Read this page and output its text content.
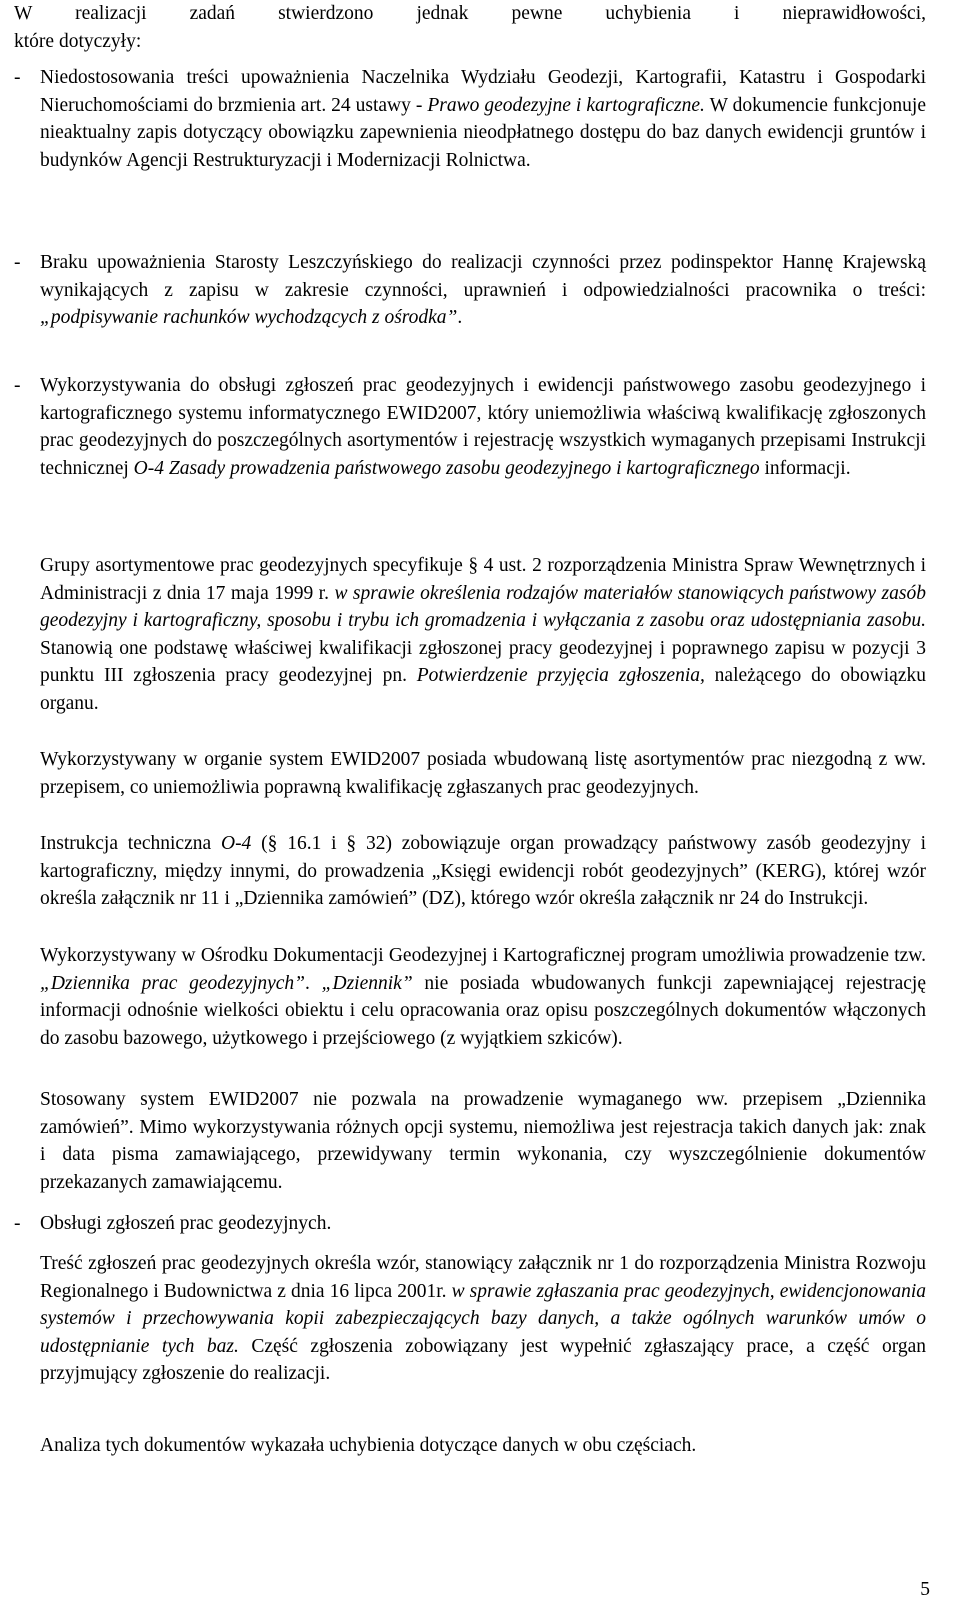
W realizacji zadań stwierdzono jednak pewne uchybienia i nieprawidłowości,
które dotyczyły:
- Niedostosowania treści upoważnienia Naczelnika Wydziału Geodezji, Kartografii, Katastru i Gospodarki Nieruchomościami do brzmienia art. 24 ustawy - Prawo geodezyjne i kartograficzne. W dokumencie funkcjonuje nieaktualny zapis dotyczący obowiązku zapewnienia nieodpłatnego dostępu do baz danych ewidencji gruntów i budynków Agencji Restrukturyzacji i Modernizacji Rolnictwa.
- Braku upoważnienia Starosty Leszczyńskiego do realizacji czynności przez podinspektor Hannę Krajewską wynikających z zapisu w zakresie czynności, uprawnień i odpowiedzialności pracownika o treści: „podpisywanie rachunków wychodzących z ośrodka”.
- Wykorzystywania do obsługi zgłoszeń prac geodezyjnych i ewidencji państwowego zasobu geodezyjnego i kartograficznego systemu informatycznego EWID2007, który uniemożliwia właściwą kwalifikację zgłoszonych prac geodezyjnych do poszczególnych asortymentów i rejestrację wszystkich wymaganych przepisami Instrukcji technicznej O-4 Zasady prowadzenia państwowego zasobu geodezyjnego i kartograficznego informacji.
Grupy asortymentowe prac geodezyjnych specyfikuje § 4 ust. 2 rozporządzenia Ministra Spraw Wewnętrznych i Administracji z dnia 17 maja 1999 r. w sprawie określenia rodzajów materiałów stanowiących państwowy zasób geodezyjny i kartograficzny, sposobu i trybu ich gromadzenia i wyłączania z zasobu oraz udostępniania zasobu. Stanowią one podstawę właściwej kwalifikacji zgłoszonej pracy geodezyjnej i poprawnego zapisu w pozycji 3 punktu III zgłoszenia pracy geodezyjnej pn. Potwierdzenie przyjęcia zgłoszenia, należącego do obowiązku organu.
Wykorzystywany w organie system EWID2007 posiada wbudowaną listę asortymentów prac niezgodną z ww. przepisem, co uniemożliwia poprawną kwalifikację zgłaszanych prac geodezyjnych.
Instrukcja techniczna O-4 (§ 16.1 i § 32) zobowiązuje organ prowadzący państwowy zasób geodezyjny i kartograficzny, między innymi, do prowadzenia „Księgi ewidencji robót geodezyjnych” (KERG), której wzór określa załącznik nr 11 i „Dziennika zamówień” (DZ), którego wzór określa załącznik nr 24 do Instrukcji.
Wykorzystywany w Ośrodku Dokumentacji Geodezyjnej i Kartograficznej program umożliwia prowadzenie tzw. „Dziennika prac geodezyjnych”. „Dziennik” nie posiada wbudowanych funkcji zapewniającej rejestrację informacji odnośnie wielkości obiektu i celu opracowania oraz opisu poszczególnych dokumentów włączonych do zasobu bazowego, użytkowego i przejściowego (z wyjątkiem szkiców).
Stosowany system EWID2007 nie pozwala na prowadzenie wymaganego ww. przepisem „Dziennika zamówień”. Mimo wykorzystywania różnych opcji systemu, niemożliwa jest rejestracja takich danych jak: znak i data pisma zamawiającego, przewidywany termin wykonania, czy wyszczególnienie dokumentów przekazanych zamawiającemu.
- Obsługi zgłoszeń prac geodezyjnych.
Treść zgłoszeń prac geodezyjnych określa wzór, stanowiący załącznik nr 1 do rozporządzenia Ministra Rozwoju Regionalnego i Budownictwa z dnia 16 lipca 2001r. w sprawie zgłaszania prac geodezyjnych, ewidencjonowania systemów i przechowywania kopii zabezpieczających bazy danych, a także ogólnych warunków umów o udostępnianie tych baz. Część zgłoszenia zobowiązany jest wypełnić zgłaszający prace, a część organ przyjmujący zgłoszenie do realizacji.
Analiza tych dokumentów wykazała uchybienia dotyczące danych w obu częściach.
5
